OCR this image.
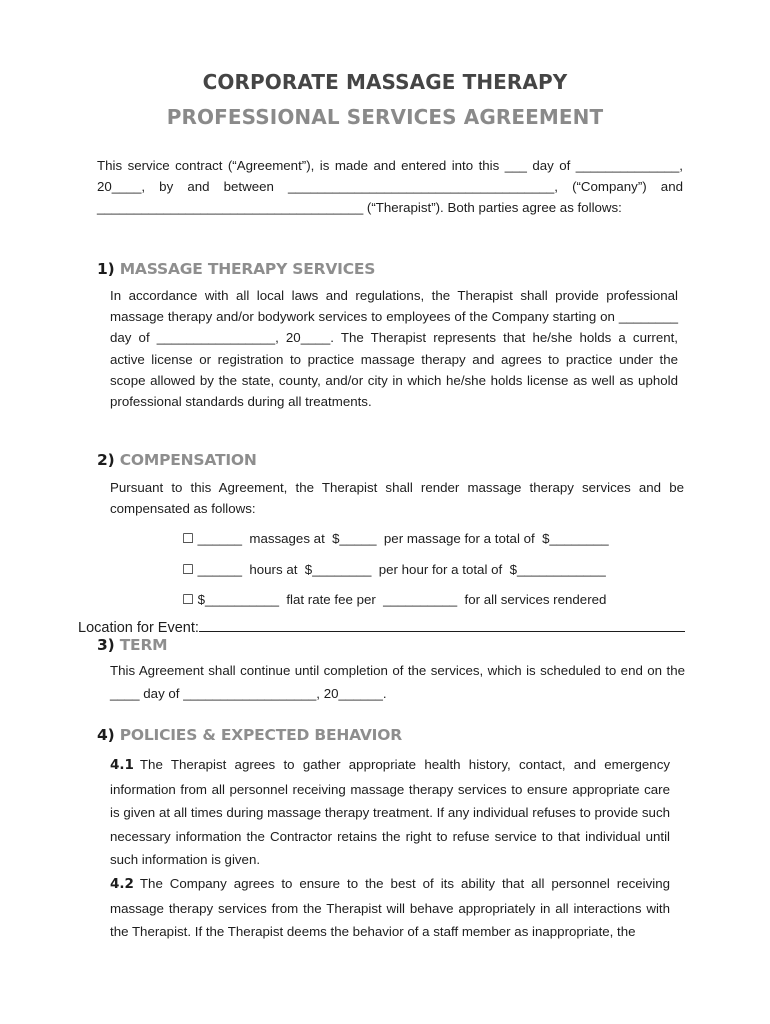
CORPORATE MASSAGE THERAPY
PROFESSIONAL SERVICES AGREEMENT
This service contract (“Agreement”), is made and entered into this ___ day of ______________, 20____, by and between ____________________________________, (“Company”) and ____________________________________ (“Therapist”). Both parties agree as follows:
1) MASSAGE THERAPY SERVICES
In accordance with all local laws and regulations, the Therapist shall provide professional massage therapy and/or bodywork services to employees of the Company starting on ________ day of ________________, 20____. The Therapist represents that he/she holds a current, active license or registration to practice massage therapy and agrees to practice under the scope allowed by the state, county, and/or city in which he/she holds license as well as uphold professional standards during all treatments.
2) COMPENSATION
Pursuant to this Agreement, the Therapist shall render massage therapy services and be compensated as follows:
☐ ______  massages at  $_____  per massage for a total of  $________
☐ ______  hours at  $________  per hour for a total of  $____________
☐ $__________  flat rate fee per  __________  for all services rendered
Location for Event:
3) TERM
This Agreement shall continue until completion of the services, which is scheduled to end on the ____ day of __________________, 20______.
4) POLICIES & EXPECTED BEHAVIOR
4.1 The Therapist agrees to gather appropriate health history, contact, and emergency information from all personnel receiving massage therapy services to ensure appropriate care is given at all times during massage therapy treatment. If any individual refuses to provide such necessary information the Contractor retains the right to refuse service to that individual until such information is given.
4.2 The Company agrees to ensure to the best of its ability that all personnel receiving massage therapy services from the Therapist will behave appropriately in all interactions with the Therapist. If the Therapist deems the behavior of a staff member as inappropriate, the
